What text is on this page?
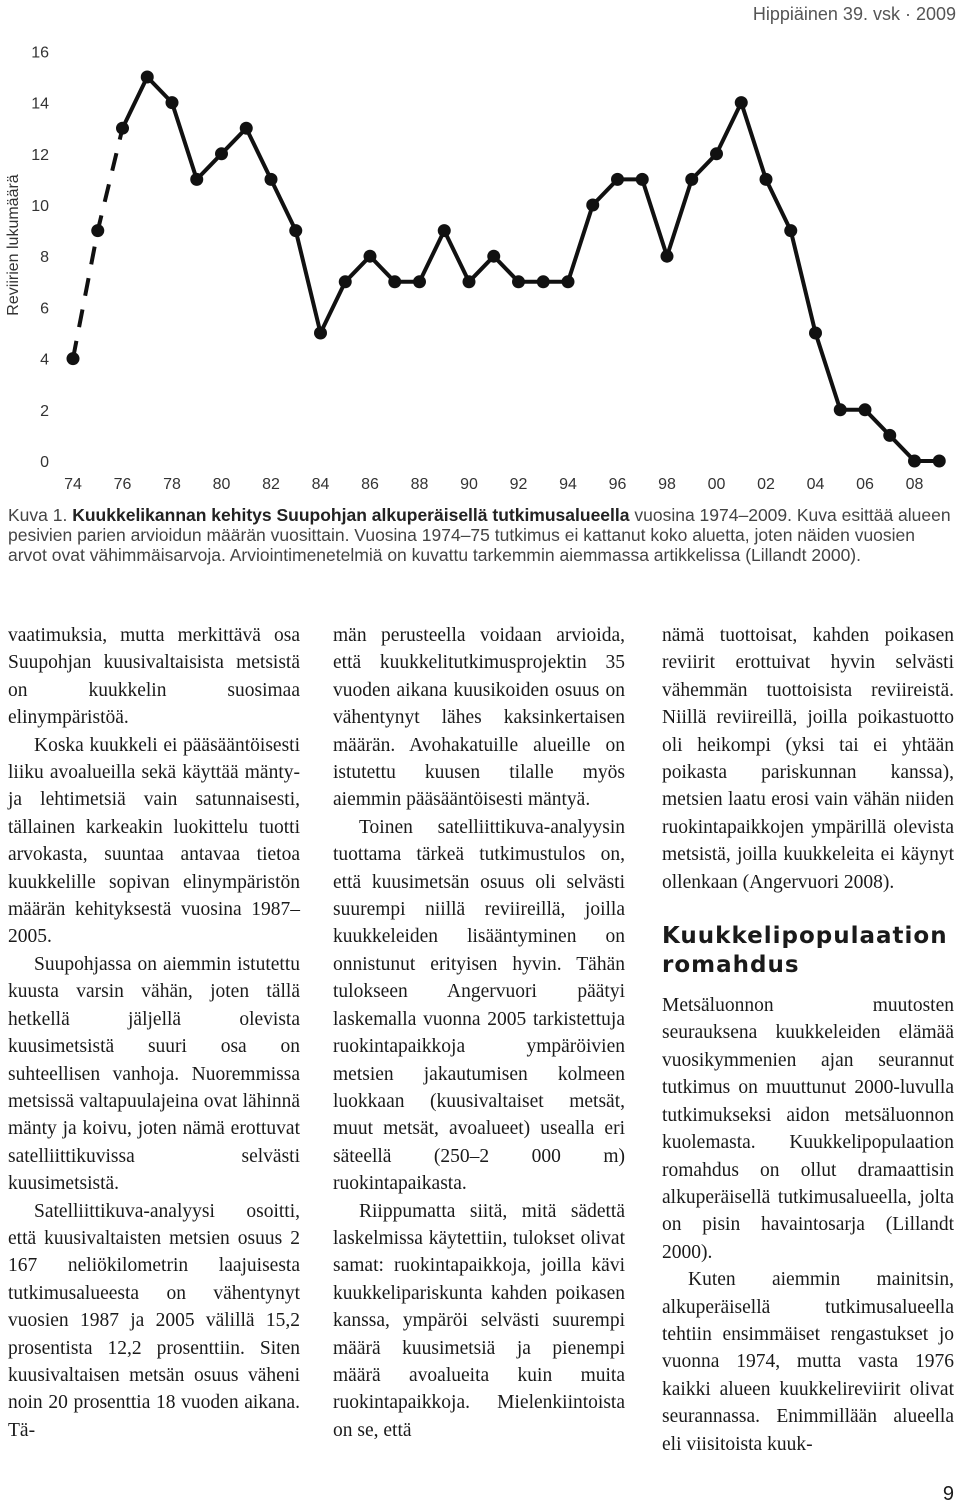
Hippiäinen 39. vsk · 2009
Reviirien lukumäärä
0
2
4
6
8
10
12
14
16
74 76 78 80 82 84 86 88 90 92 94 96 98 00 02 04 06 08

Kuva 1. Kuukkelikannan kehitys Suupohjan alkuperäisellä tutkimusalueella vuosina 1974–2009. Kuva esittää alueen pesivien parien arvioidun määrän vuosittain. Vuosina 1974–75 tutkimus ei kattanut koko aluetta, joten näiden vuosien arvot ovat vähimmäisarvoja. Arviointimenetelmiä on kuvattu tarkemmin aiemmassa artikkelissa (Lillandt 2000).

vaatimuksia, mutta merkittävä osa Suupohjan kuusivaltaisista metsistä on kuukkelin suosimaa elinympäristöä.

Koska kuukkeli ei pääsääntöisesti liiku avoalueilla sekä käyttää mänty- ja lehtimetsiä vain satunnaisesti, tällainen karkeakin luokittelu tuotti arvokasta, suuntaa antavaa tietoa kuukkelille sopivan elinympäristön määrän kehityksestä vuosina 1987–2005.

Suupohjassa on aiemmin istutettu kuusta varsin vähän, joten tällä hetkellä jäljellä olevista kuusimetsistä suuri osa on suhteellisen vanhoja. Nuoremmissa metsissä valtapuulajeina ovat lähinnä mänty ja koivu, joten nämä erottuvat satelliittikuvissa selvästi kuusimetsistä.

Satelliittikuva-analyysi osoitti, että kuusivaltaisten metsien osuus 2 167 neliökilometrin laajuisesta tutkimusalueesta on vähentynyt vuosien 1987 ja 2005 välillä 15,2 prosentista 12,2 prosenttiin. Siten kuusivaltaisen metsän osuus väheni noin 20 prosenttia 18 vuoden aikana. Tä-

män perusteella voidaan arvioida, että kuukkelitutkimusprojektin 35 vuoden aikana kuusikoiden osuus on vähentynyt lähes kaksinkertaisen määrän. Avohakatuille alueille on istutettu kuusen tilalle myös aiemmin pääsääntöisesti mäntyä.

Toinen satelliittikuva-analyysin tuottama tärkeä tutkimustulos on, että kuusimetsän osuus oli selvästi suurempi niillä reviireillä, joilla kuukkeleiden lisääntyminen on onnistunut erityisen hyvin. Tähän tulokseen Angervuori päätyi laskemalla vuonna 2005 tarkistettuja ruokintapaikkoja ympäröivien metsien jakautumisen kolmeen luokkaan (kuusivaltaiset metsät, muut metsät, avoalueet) usealla eri säteellä (250–2 000 m) ruokintapaikasta.

Riippumatta siitä, mitä sädettä laskelmissa käytettiin, tulokset olivat samat: ruokintapaikkoja, joilla kävi kuukkelipariskunta kahden poikasen kanssa, ympäröi selvästi suurempi määrä kuusimetsiä ja pienempi määrä avoalueita kuin muita ruokintapaikkoja. Mielenkiintoista on se, että

nämä tuottoisat, kahden poikasen reviirit erottuivat hyvin selvästi vähemmän tuottoisista reviireistä. Niillä reviireillä, joilla poikastuotto oli heikompi (yksi tai ei yhtään poikasta pariskunnan kanssa), metsien laatu erosi vain vähän niiden ruokintapaikkojen ympärillä olevista metsistä, joilla kuukkeleita ei käynyt ollenkaan (Angervuori 2008).

Kuukkelipopulaation romahdus

Metsäluonnon muutosten seurauksena kuukkeleiden elämää vuosikymmenien ajan seurannut tutkimus on muuttunut 2000-luvulla tutkimukseksi aidon metsäluonnon kuolemasta. Kuukkelipopulaation romahdus on ollut dramaattisin alkuperäisellä tutkimusalueella, jolta on pisin havaintosarja (Lillandt 2000).

Kuten aiemmin mainitsin, alkuperäisellä tutkimusalueella tehtiin ensimmäiset rengastukset jo vuonna 1974, mutta vasta 1976 kaikki alueen kuukkelireviirit olivat seurannassa. Enimmillään alueella eli viisitoista kuuk-

9
